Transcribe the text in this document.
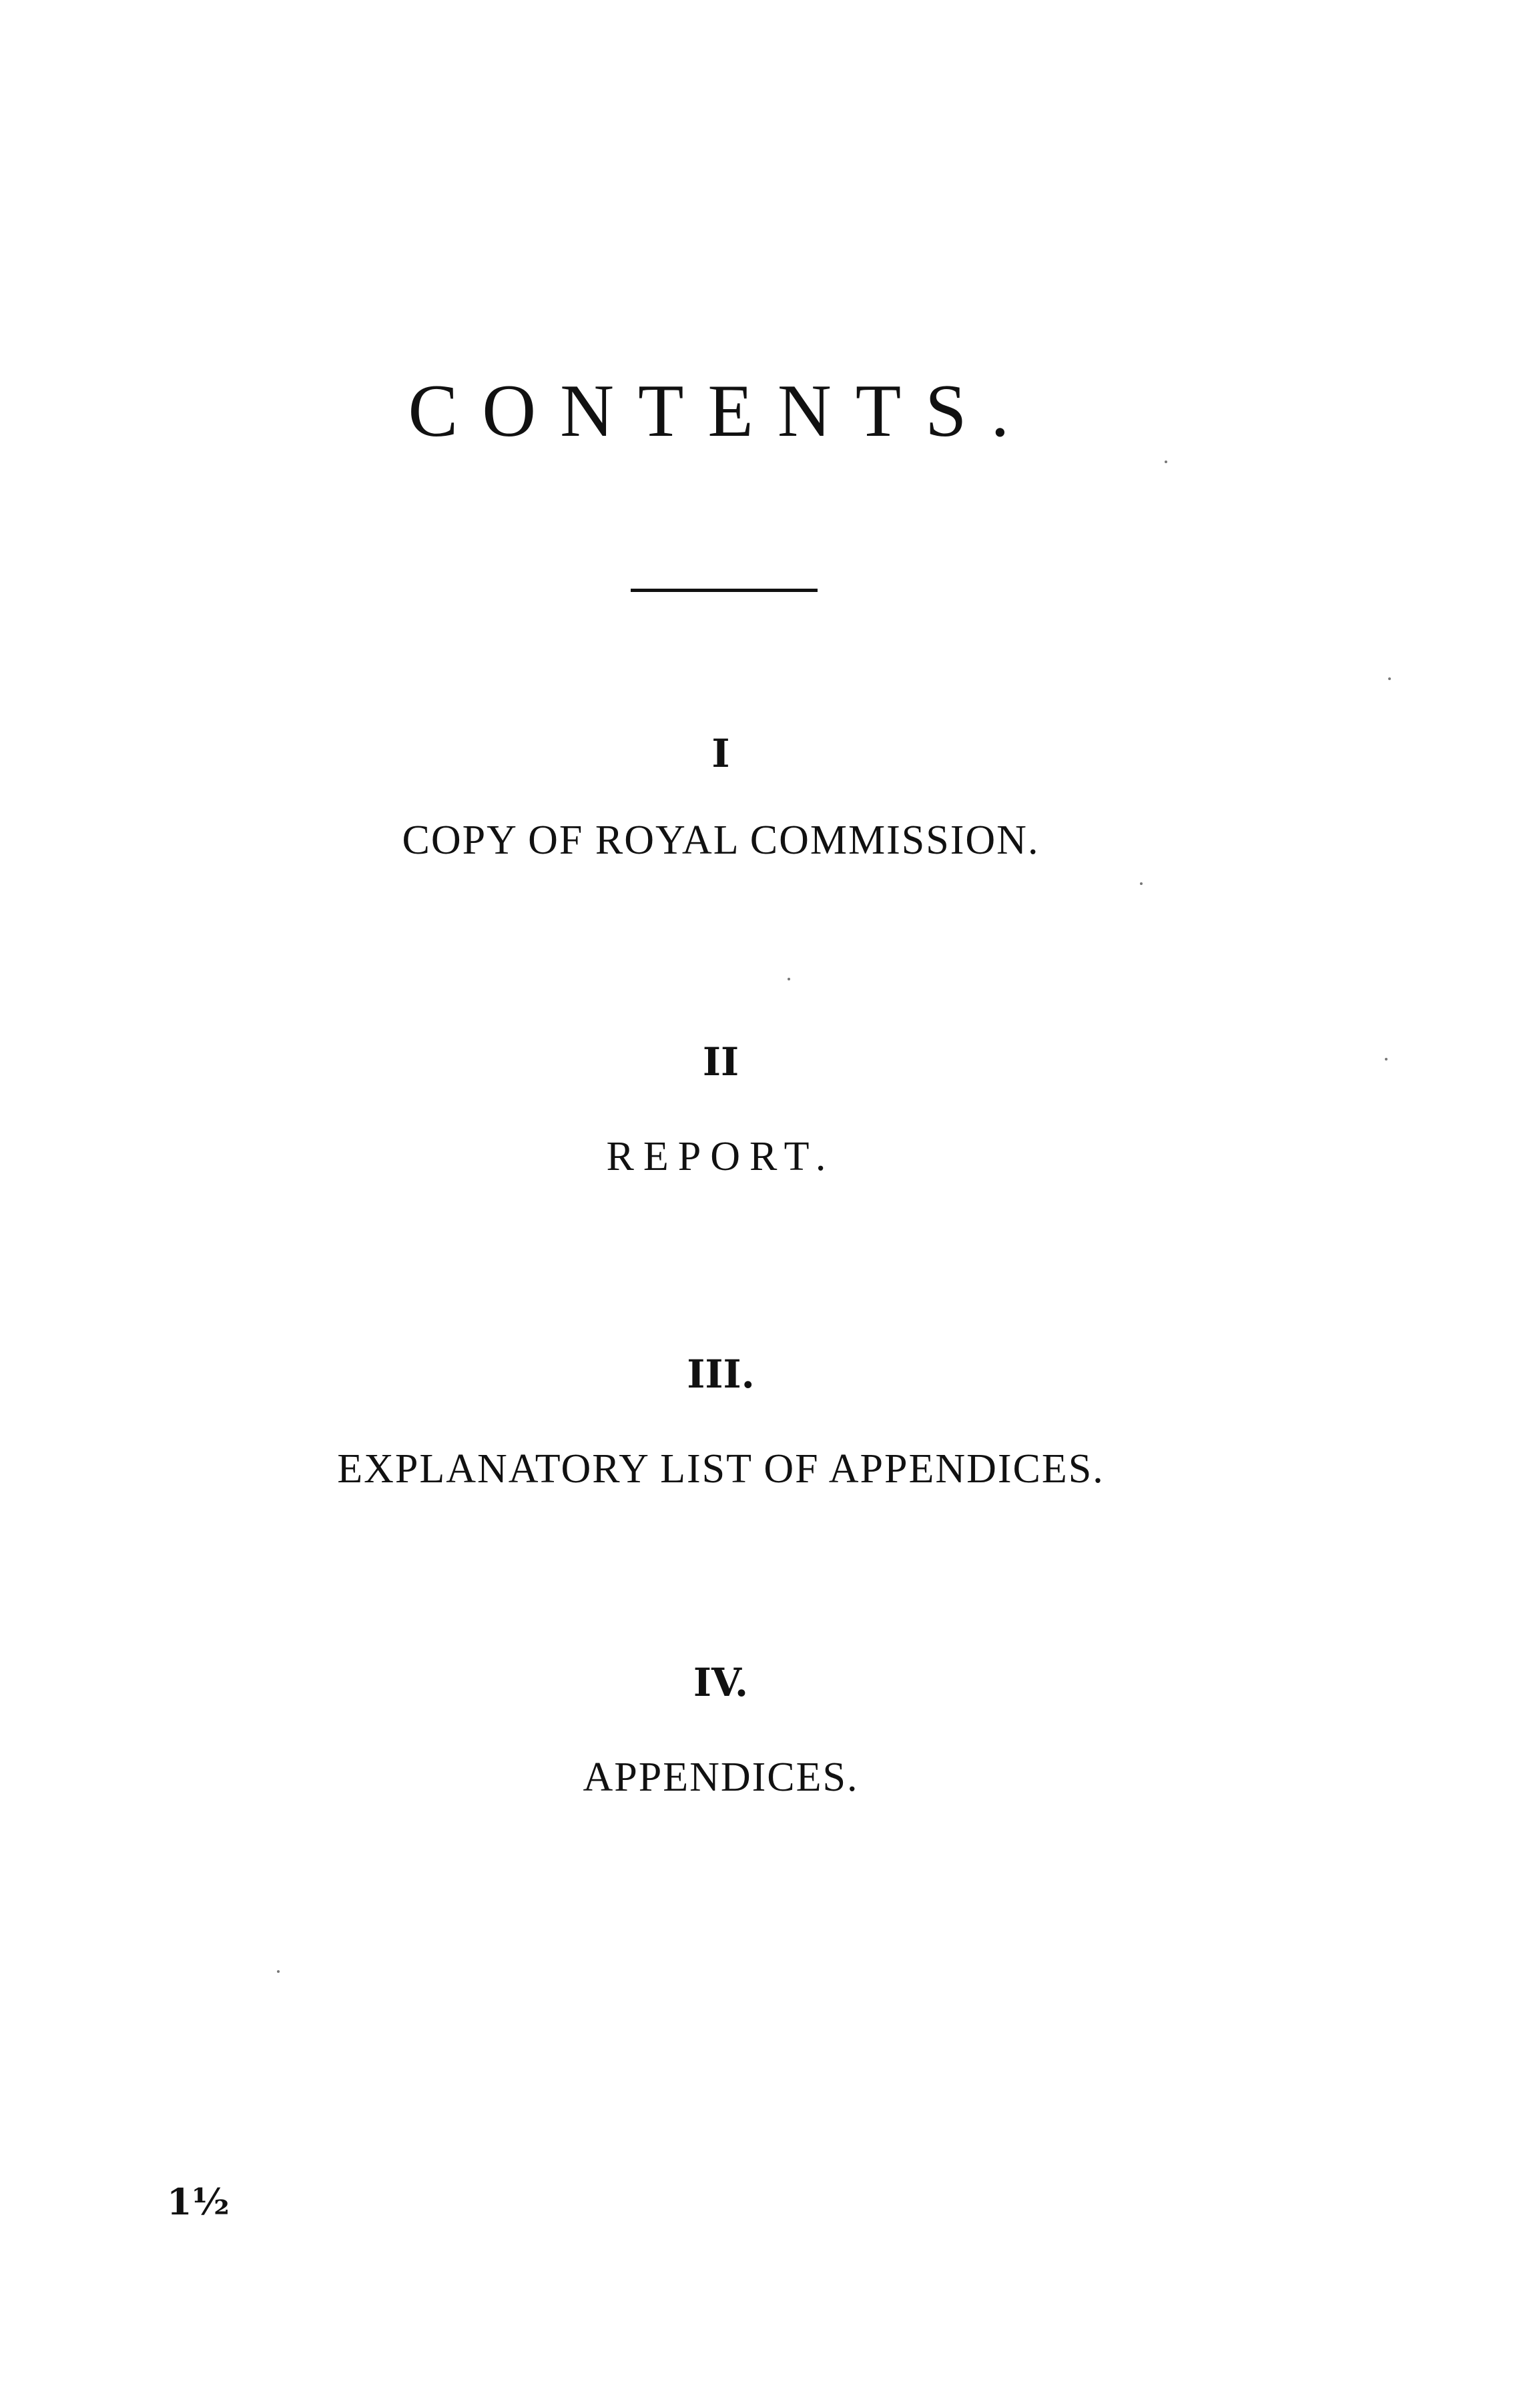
CONTENTS.
I
COPY OF ROYAL COMMISSION.
II
REPORT.
III.
EXPLANATORY LIST OF APPENDICES.
IV.
APPENDICES.
1½
